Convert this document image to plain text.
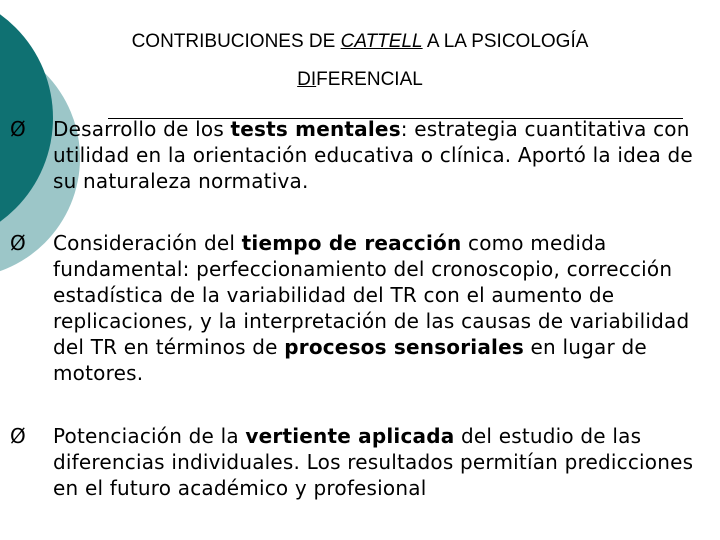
CONTRIBUCIONES DE CATTELL A LA PSICOLOGÍA
DIFERENCIAL
Ø	Desarrollo de los tests mentales: estrategia cuantitativa con utilidad en la orientación educativa o clínica. Aportó la idea de su naturaleza normativa.
Ø	Consideración del tiempo de reacción como medida fundamental: perfeccionamiento del cronoscopio, corrección estadística de la variabilidad del TR con el aumento de replicaciones, y la interpretación de las causas de variabilidad del TR en términos de procesos sensoriales en lugar de motores.
Ø	Potenciación de la vertiente aplicada del estudio de las diferencias individuales. Los resultados permitían predicciones en el futuro académico y profesional
